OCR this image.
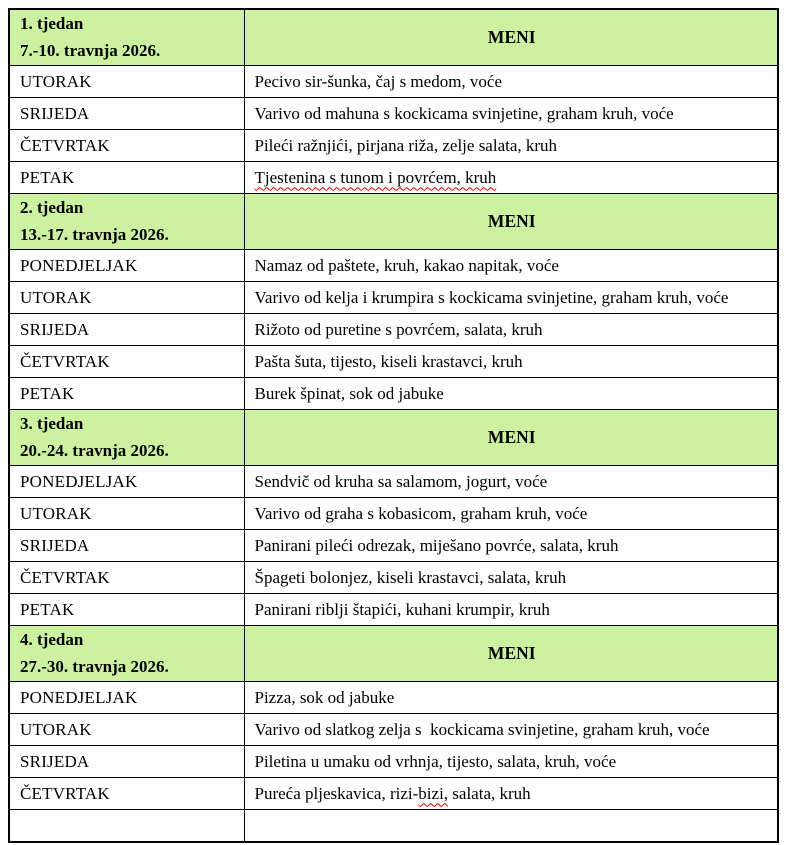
1. tjedan
7.-10. travnja 2026.	MENI
UTORAK	Pecivo sir-šunka, čaj s medom, voće
SRIJEDA	Varivo od mahuna s kockicama svinjetine, graham kruh, voće
ČETVRTAK	Pileći ražnjići, pirjana riža, zelje salata, kruh
PETAK	Tjestenina s tunom i povrćem, kruh

2. tjedan
13.-17. travnja 2026.	MENI
PONEDJELJAK	Namaz od paštete, kruh, kakao napitak, voće
UTORAK	Varivo od kelja i krumpira s kockicama svinjetine, graham kruh, voće
SRIJEDA	Rižoto od puretine s povrćem, salata, kruh
ČETVRTAK	Pašta šuta, tijesto, kiseli krastavci, kruh
PETAK	Burek špinat, sok od jabuke

3. tjedan
20.-24. travnja 2026.	MENI
PONEDJELJAK	Sendvič od kruha sa salamom, jogurt, voće
UTORAK	Varivo od graha s kobasicom, graham kruh, voće
SRIJEDA	Panirani pileći odrezak, miješano povrće, salata, kruh
ČETVRTAK	Špageti bolonjez, kiseli krastavci, salata, kruh
PETAK	Panirani riblji štapići, kuhani krumpir, kruh

4. tjedan
27.-30. travnja 2026.	MENI
PONEDJELJAK	Pizza, sok od jabuke
UTORAK	Varivo od slatkog zelja s  kockicama svinjetine, graham kruh, voće
SRIJEDA	Piletina u umaku od vrhnja, tijesto, salata, kruh, voće
ČETVRTAK	Pureća pljeskavica, rizi-bizi, salata, kruh
